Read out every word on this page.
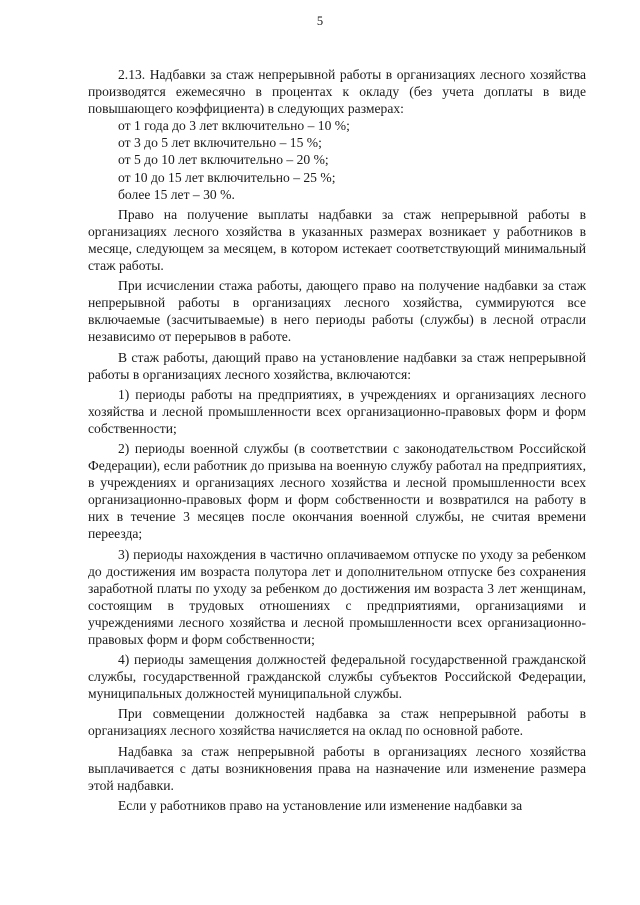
5

2.13. Надбавки за стаж непрерывной работы в организациях лесного хозяйства производятся ежемесячно в процентах к окладу (без учета доплаты в виде повышающего коэффициента) в следующих размерах:

от 1 года до 3 лет включительно – 10 %;

от 3 до 5 лет включительно – 15 %;

от 5 до 10 лет включительно – 20 %;

от 10 до 15 лет включительно – 25 %;

более 15 лет – 30 %.

Право на получение выплаты надбавки за стаж непрерывной работы в организациях лесного хозяйства в указанных размерах возникает у работников в месяце, следующем за месяцем, в котором истекает соответствующий минимальный стаж работы.

При исчислении стажа работы, дающего право на получение надбавки за стаж непрерывной работы в организациях лесного хозяйства, суммируются все включаемые (засчитываемые) в него периоды работы (службы) в лесной отрасли независимо от перерывов в работе.

В стаж работы, дающий право на установление надбавки за стаж непрерывной работы в организациях лесного хозяйства, включаются:

1) периоды работы на предприятиях, в учреждениях и организациях лесного хозяйства и лесной промышленности всех организационно-правовых форм и форм собственности;

2) периоды военной службы (в соответствии с законодательством Российской Федерации), если работник до призыва на военную службу работал на предприятиях, в учреждениях и организациях лесного хозяйства и лесной промышленности всех организационно-правовых форм и форм собственности и возвратился на работу в них в течение 3 месяцев после окончания военной службы, не считая времени переезда;

3) периоды нахождения в частично оплачиваемом отпуске по уходу за ребенком до достижения им возраста полутора лет и дополнительном отпуске без сохранения заработной платы по уходу за ребенком до достижения им возраста 3 лет женщинам, состоящим в трудовых отношениях с предприятиями, организациями и учреждениями лесного хозяйства и лесной промышленности всех организационно-правовых форм и форм собственности;

4) периоды замещения должностей федеральной государственной гражданской службы, государственной гражданской службы субъектов Российской Федерации, муниципальных должностей муниципальной службы.

При совмещении должностей надбавка за стаж непрерывной работы в организациях лесного хозяйства начисляется на оклад по основной работе.

Надбавка за стаж непрерывной работы в организациях лесного хозяйства выплачивается с даты возникновения права на назначение или изменение размера этой надбавки.

Если у работников право на установление или изменение надбавки за
